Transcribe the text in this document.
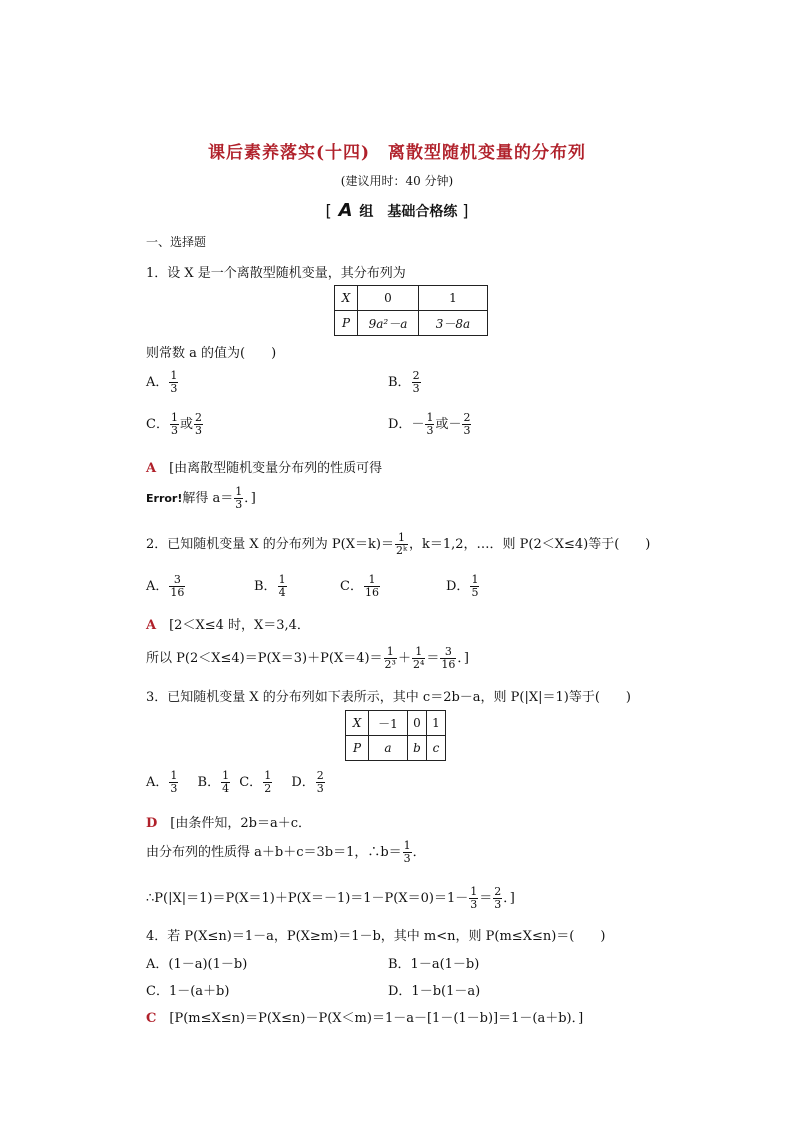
课后素养落实(十四)　离散型随机变量的分布列
(建议用时：40 分钟)
[ A 组　基础合格练 ]
一、选择题
1．设 X 是一个离散型随机变量，其分布列为
X	0	1
P	9a²－a	3－8a
则常数 a 的值为(　　)
A． $\frac{1}{3}$	B． $\frac{2}{3}$
C． $\frac{1}{3}$ 或 $\frac{2}{3}$	D．－ $\frac{1}{3}$ 或－ $\frac{2}{3}$
A　 [由离散型随机变量分布列的性质可得
Error!解得 $a= \frac{1}{3}$ ．]
2．已知随机变量 X 的分布列为 $P(X=k)= \frac{1}{\text{2ᵏ}}$ ，k＝1,2，…．则 P(2＜X≤4)等于(　　)
A． $\frac{3}{16}$	B． $\frac{1}{4}$	C． $\frac{1}{16}$	D． $\frac{1}{5}$
A　 [2＜X≤4 时，X＝3,4．
所以 $P(2<X\le 4)=P(X=3)+P(X=4)= \frac{1}{\text{2³}} + \frac{1}{\text{2⁴}} = \frac{3}{16}$ ．]
3．已知随机变量 X 的分布列如下表所示，其中 c＝2b－a，则 P(|X|＝1)等于(　　)
X	－1	0	1
P	a	b	c
A． $\frac{1}{3}$ B． $\frac{1}{4}$ C． $\frac{1}{2}$ D． $\frac{2}{3}$
D　 [由条件知，2b＝a＋c．
由分布列的性质得 a＋b＋c＝3b＝1，∴b＝ $\frac{1}{3}$ ．
∴P(|X|＝1)＝P(X＝1)＋P(X＝－1)＝1－P(X＝0)＝1－ $\frac{1}{3} = \frac{2}{3}$ ．]
4．若 P(X≤n)＝1－a，P(X≥m)＝1－b，其中 m<n，则 P(m≤X≤n)＝(　　)
A．(1－a)(1－b)	B．1－a(1－b)
C．1－(a＋b)	D．1－b(1－a)
C　 [P(m≤X≤n)＝P(X≤n)－P(X＜m)＝1－a－[1－(1－b)]＝1－(a＋b)．]
